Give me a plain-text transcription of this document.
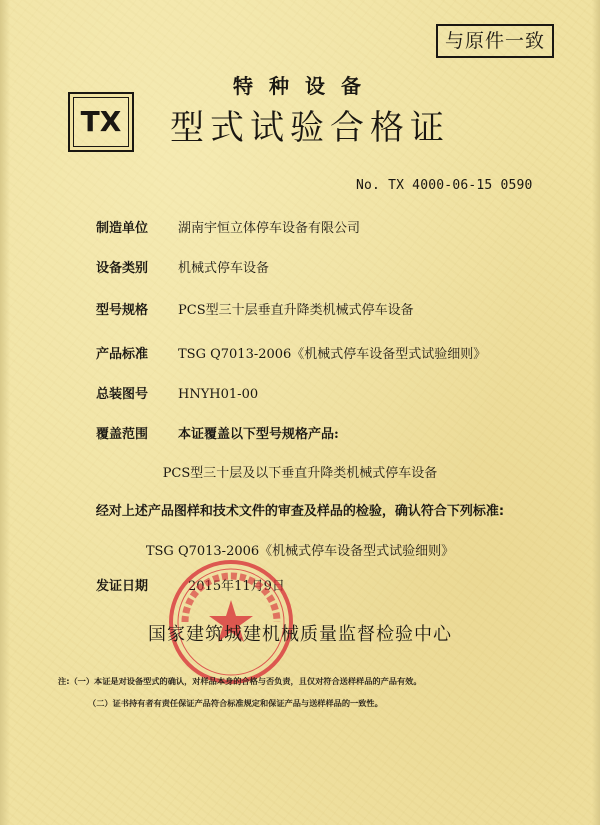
与原件一致
TX
特种设备
型式试验合格证
No. TX 4000-06-15 0590
制造单位 湖南宇恒立体停车设备有限公司
设备类别 机械式停车设备
型号规格 PCS型三十层垂直升降类机械式停车设备
产品标准 TSG Q7013-2006《机械式停车设备型式试验细则》
总装图号 HNYH01-00
覆盖范围 本证覆盖以下型号规格产品:
PCS型三十层及以下垂直升降类机械式停车设备
经对上述产品图样和技术文件的审查及样品的检验，确认符合下列标准:
TSG Q7013-2006《机械式停车设备型式试验细则》
发证日期	2015年11月9日
国家建筑城建机械质量监督检验中心
注:（一）本证是对设备型式的确认，对样品本身的合格与否负责，且仅对符合送样样品的产品有效。
（二）证书持有者有责任保证产品符合标准规定和保证产品与送样样品的一致性。
